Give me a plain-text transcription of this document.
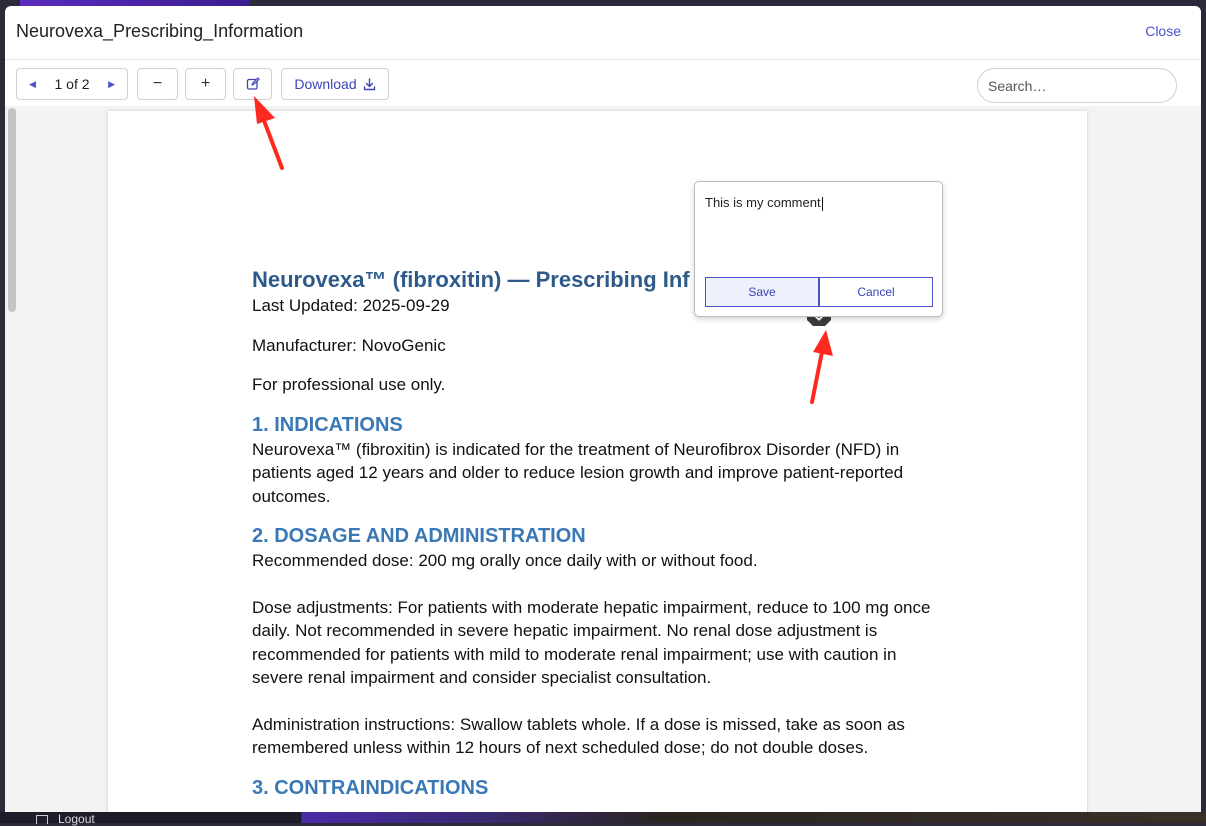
Logout
Neurovexa_Prescribing_Information	Close
◀ 1 of 2 ▶	−	+	Download
Search…

Neurovexa™ (fibroxitin) — Prescribing Inf

Last Updated: 2025-09-29

Manufacturer: NovoGenic

For professional use only.

1. INDICATIONS

Neurovexa™ (fibroxitin) is indicated for the treatment of Neurofibrox Disorder (NFD) in patients aged 12 years and older to reduce lesion growth and improve patient-reported outcomes.

2. DOSAGE AND ADMINISTRATION

Recommended dose: 200 mg orally once daily with or without food.

Dose adjustments: For patients with moderate hepatic impairment, reduce to 100 mg once daily. Not recommended in severe hepatic impairment. No renal dose adjustment is recommended for patients with mild to moderate renal impairment; use with caution in severe renal impairment and consider specialist consultation.

Administration instructions: Swallow tablets whole. If a dose is missed, take as soon as remembered unless within 12 hours of next scheduled dose; do not double doses.

3. CONTRAINDICATIONS

This is my comment
Save	Cancel
